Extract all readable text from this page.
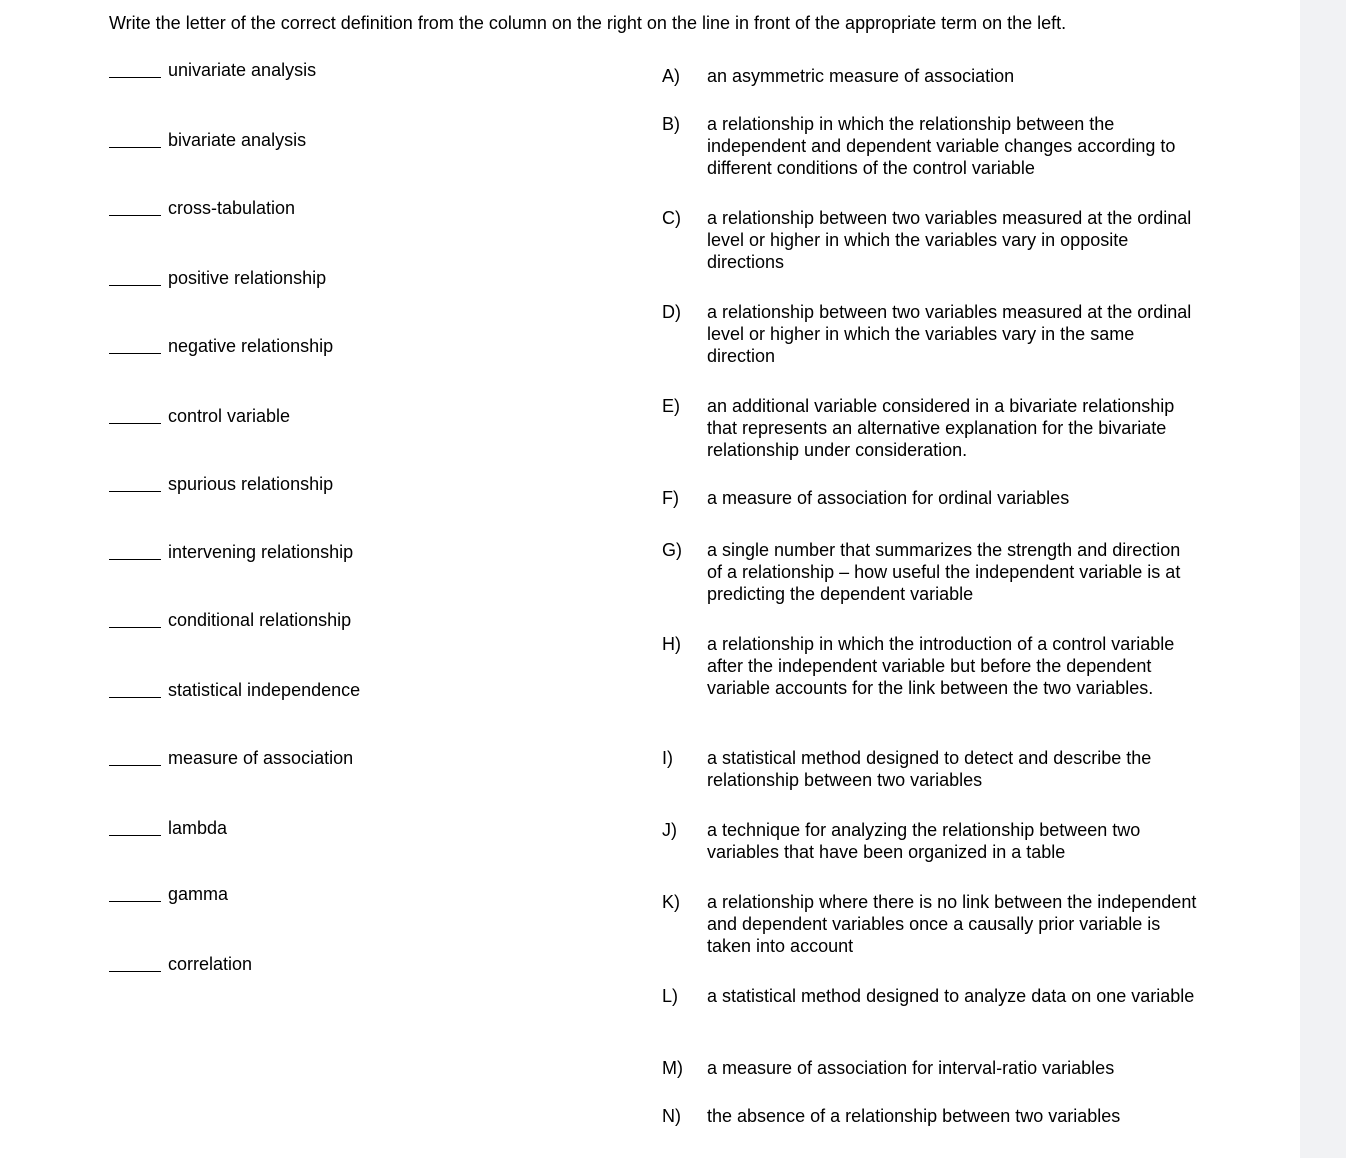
Write the letter of the correct definition from the column on the right on the line in front of the appropriate term on the left.
univariate analysis
bivariate analysis
cross-tabulation
positive relationship
negative relationship
control variable
spurious relationship
intervening relationship
conditional relationship
statistical independence
measure of association
lambda
gamma
correlation
A)	an asymmetric measure of association
B)	a relationship in which the relationship between the independent and dependent variable changes according to different conditions of the control variable
C)	a relationship between two variables measured at the ordinal level or higher in which the variables vary in opposite directions
D)	a relationship between two variables measured at the ordinal level or higher in which the variables vary in the same direction
E)	an additional variable considered in a bivariate relationship that represents an alternative explanation for the bivariate relationship under consideration.
F)	a measure of association for ordinal variables
G)	a single number that summarizes the strength and direction of a relationship – how useful the independent variable is at predicting the dependent variable
H)	a relationship in which the introduction of a control variable after the independent variable but before the dependent variable accounts for the link between the two variables.
I)	a statistical method designed to detect and describe the relationship between two variables
J)	a technique for analyzing the relationship between two variables that have been organized in a table
K)	a relationship where there is no link between the independent and dependent variables once a causally prior variable is taken into account
L)	a statistical method designed to analyze data on one variable
M)	a measure of association for interval-ratio variables
N)	the absence of a relationship between two variables
